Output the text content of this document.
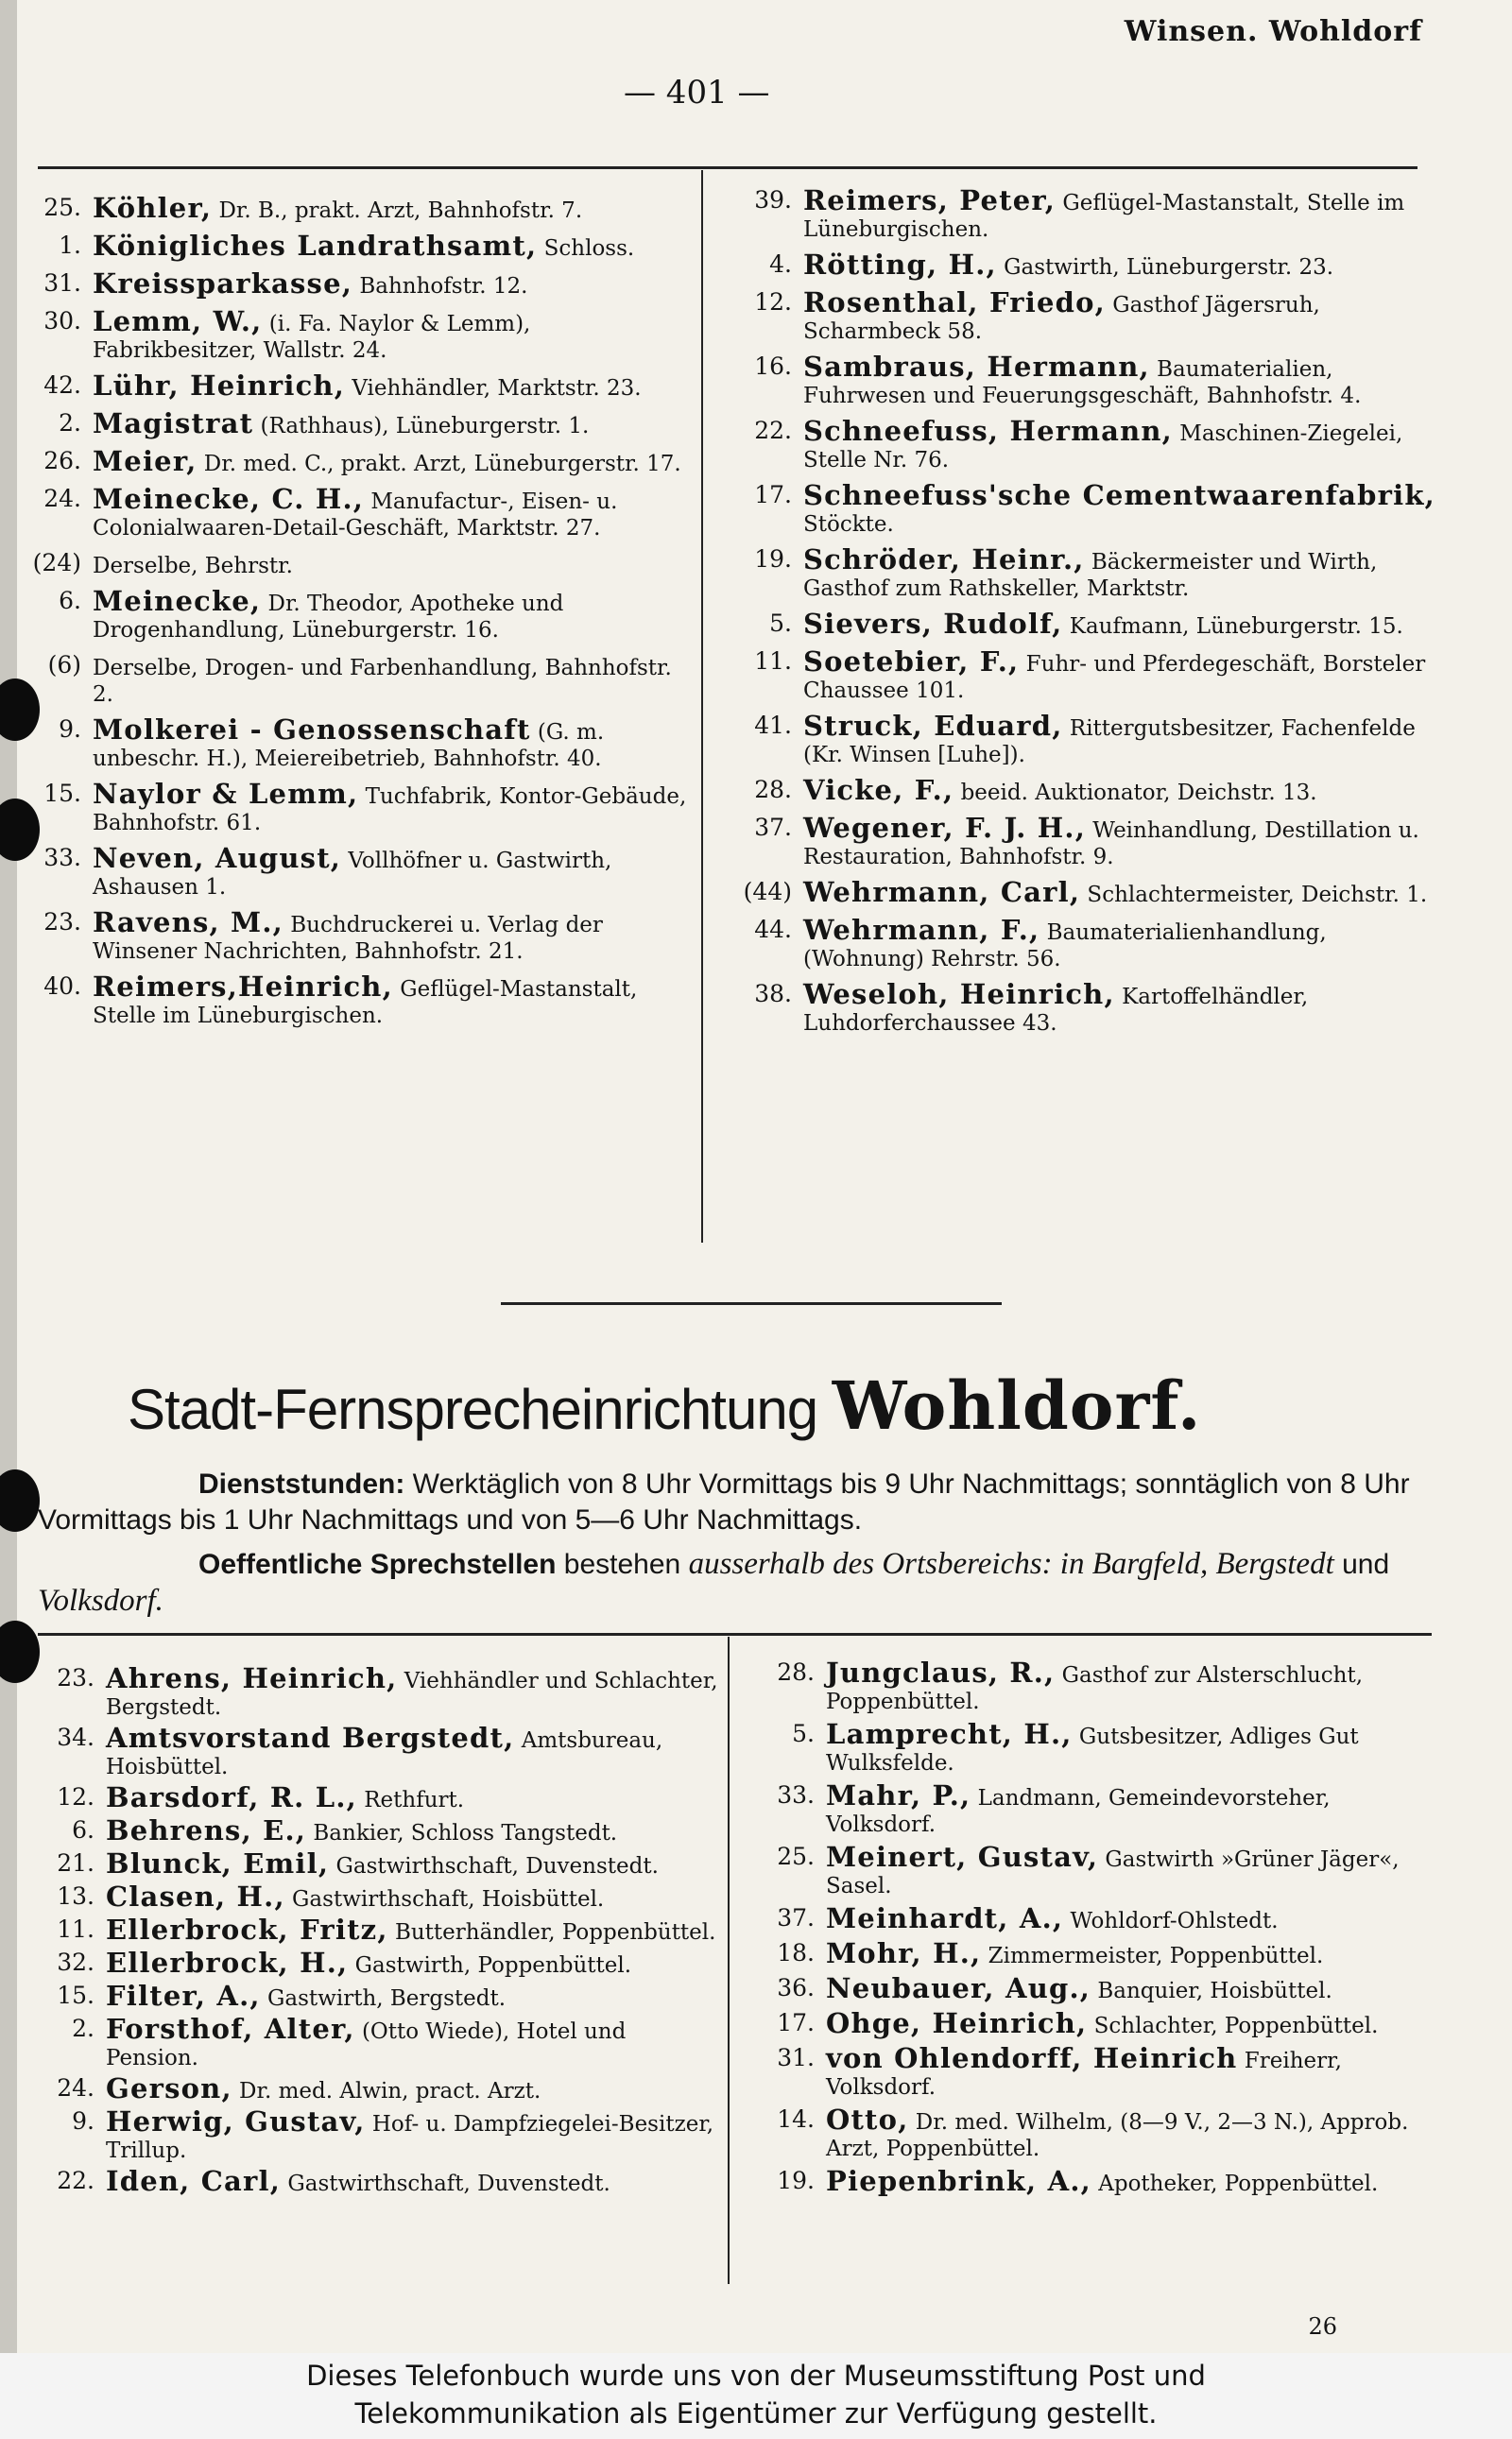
Winsen. Wohldorf
— 401 —
25. Köhler, Dr. B., prakt. Arzt, Bahnhofstr. 7.
1. Königliches Landrathsamt, Schloss.
31. Kreissparkasse, Bahnhofstr. 12.
30. Lemm, W., (i. Fa. Naylor & Lemm), Fabrikbesitzer, Wallstr. 24.
42. Lühr, Heinrich, Viehhändler, Marktstr. 23.
2. Magistrat (Rathhaus), Lüneburgerstr. 1.
26. Meier, Dr. med. C., prakt. Arzt, Lüneburgerstr. 17.
24. Meinecke, C. H., Manufactur-, Eisen- u. Colonialwaaren-Detail-Geschäft, Marktstr. 27.
(24) Derselbe, Behrstr.
6. Meinecke, Dr. Theodor, Apotheke und Drogenhandlung, Lüneburgerstr. 16.
(6) Derselbe, Drogen- und Farbenhandlung, Bahnhofstr. 2.
9. Molkerei - Genossenschaft (G. m. unbeschr. H.), Meiereibetrieb, Bahnhofstr. 40.
15. Naylor & Lemm, Tuchfabrik, Kontor-Gebäude, Bahnhofstr. 61.
33. Neven, August, Vollhöfner u. Gastwirth, Ashausen 1.
23. Ravens, M., Buchdruckerei u. Verlag der Winsener Nachrichten, Bahnhofstr. 21.
40. Reimers,Heinrich, Geflügel-Mastanstalt, Stelle im Lüneburgischen.
39. Reimers, Peter, Geflügel-Mastanstalt, Stelle im Lüneburgischen.
4. Rötting, H., Gastwirth, Lüneburgerstr. 23.
12. Rosenthal, Friedo, Gasthof Jägersruh, Scharmbeck 58.
16. Sambraus, Hermann, Baumaterialien, Fuhrwesen und Feuerungsgeschäft, Bahnhofstr. 4.
22. Schneefuss, Hermann, Maschinen-Ziegelei, Stelle Nr. 76.
17. Schneefuss'sche Cementwaarenfabrik, Stöckte.
19. Schröder, Heinr., Bäckermeister und Wirth, Gasthof zum Rathskeller, Marktstr.
5. Sievers, Rudolf, Kaufmann, Lüneburgerstr. 15.
11. Soetebier, F., Fuhr- und Pferdegeschäft, Borsteler Chaussee 101.
41. Struck, Eduard, Rittergutsbesitzer, Fachenfelde (Kr. Winsen [Luhe]).
28. Vicke, F., beeid. Auktionator, Deichstr. 13.
37. Wegener, F. J. H., Weinhandlung, Destillation u. Restauration, Bahnhofstr. 9.
(44) Wehrmann, Carl, Schlachtermeister, Deichstr. 1.
44. Wehrmann, F., Baumaterialienhandlung, (Wohnung) Rehrstr. 56.
38. Weseloh, Heinrich, Kartoffelhändler, Luhdorferchaussee 43.
Stadt-Fernsprecheinrichtung Wohldorf.
Dienststunden: Werktäglich von 8 Uhr Vormittags bis 9 Uhr Nachmittags; sonntäglich von 8 Uhr Vormittags bis 1 Uhr Nachmittags und von 5—6 Uhr Nachmittags.
Oeffentliche Sprechstellen bestehen ausserhalb des Ortsbereichs: in Bargfeld, Bergstedt und Volksdorf.
23. Ahrens, Heinrich, Viehhändler und Schlachter, Bergstedt.
34. Amtsvorstand Bergstedt, Amtsbureau, Hoisbüttel.
12. Barsdorf, R. L., Rethfurt.
6. Behrens, E., Bankier, Schloss Tangstedt.
21. Blunck, Emil, Gastwirthschaft, Duvenstedt.
13. Clasen, H., Gastwirthschaft, Hoisbüttel.
11. Ellerbrock, Fritz, Butterhändler, Poppenbüttel.
32. Ellerbrock, H., Gastwirth, Poppenbüttel.
15. Filter, A., Gastwirth, Bergstedt.
2. Forsthof, Alter, (Otto Wiede), Hotel und Pension.
24. Gerson, Dr. med. Alwin, pract. Arzt.
9. Herwig, Gustav, Hof- u. Dampfziegelei-Besitzer, Trillup.
22. Iden, Carl, Gastwirthschaft, Duvenstedt.
28. Jungclaus, R., Gasthof zur Alsterschlucht, Poppenbüttel.
5. Lamprecht, H., Gutsbesitzer, Adliges Gut Wulksfelde.
33. Mahr, P., Landmann, Gemeindevorsteher, Volksdorf.
25. Meinert, Gustav, Gastwirth »Grüner Jäger«, Sasel.
37. Meinhardt, A., Wohldorf-Ohlstedt.
18. Mohr, H., Zimmermeister, Poppenbüttel.
36. Neubauer, Aug., Banquier, Hoisbüttel.
17. Ohge, Heinrich, Schlachter, Poppenbüttel.
31. von Ohlendorff, Heinrich Freiherr, Volksdorf.
14. Otto, Dr. med. Wilhelm, (8—9 V., 2—3 N.), Approb. Arzt, Poppenbüttel.
19. Piepenbrink, A., Apotheker, Poppenbüttel.
26
Dieses Telefonbuch wurde uns von der Museumsstiftung Post und
Telekommunikation als Eigentümer zur Verfügung gestellt.
